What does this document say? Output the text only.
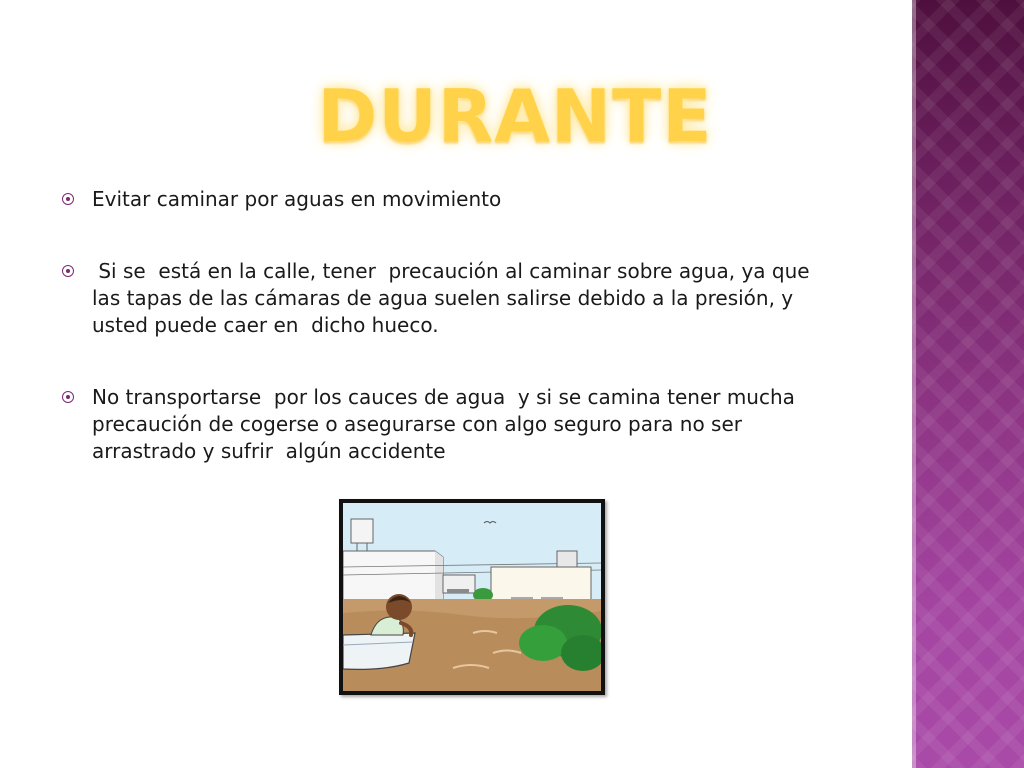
DURANTE
Evitar caminar por aguas en movimiento
Si se  está en la calle, tener  precaución al caminar sobre agua, ya que las tapas de las cámaras de agua suelen salirse debido a la presión, y usted puede caer en  dicho hueco.
No transportarse  por los cauces de agua  y si se camina tener mucha precaución de cogerse o asegurarse con algo seguro para no ser arrastrado y sufrir  algún accidente
